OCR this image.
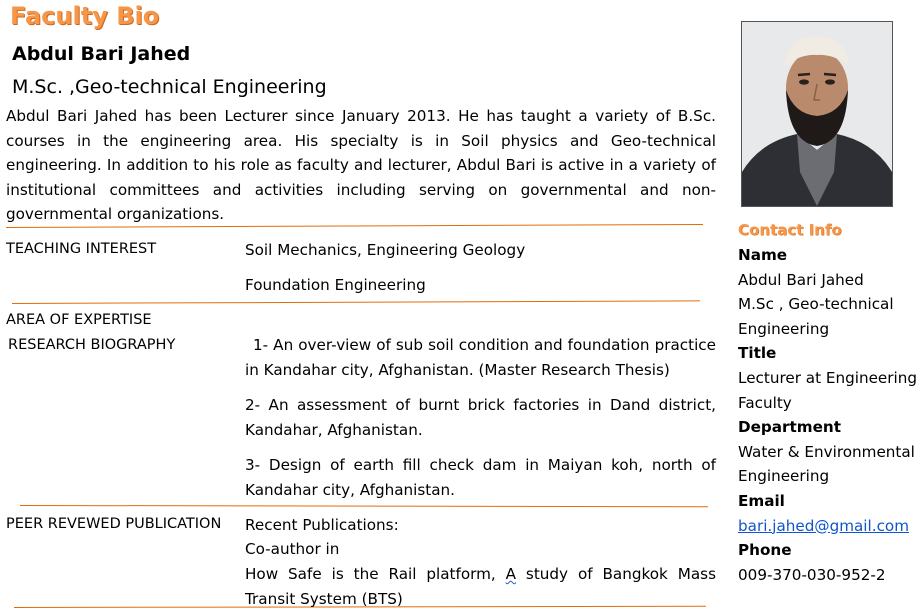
Faculty Bio
Abdul Bari Jahed
M.Sc. ,Geo-technical Engineering
Abdul Bari Jahed has been Lecturer since January 2013. He has taught a variety of B.Sc. courses in the engineering area. His specialty is in Soil physics and Geo-technical engineering. In addition to his role as faculty and lecturer, Abdul Bari is active in a variety of institutional committees and activities including serving on governmental and non-governmental organizations.
TEACHING INTEREST	Soil Mechanics, Engineering Geology
Foundation Engineering
AREA OF EXPERTISE
RESEARCH BIOGRAPHY	1- An over-view of sub soil condition and foundation practice in Kandahar city, Afghanistan. (Master Research Thesis)
2- An assessment of burnt brick factories in Dand district, Kandahar, Afghanistan.
3- Design of earth fill check dam in Maiyan koh, north of Kandahar city, Afghanistan.
PEER REVEWED PUBLICATION Recent Publications:
Co-author in
How Safe is the Rail platform, A study of Bangkok Mass Transit System (BTS)
Contact Info
Name
Abdul Bari Jahed
M.Sc , Geo-technical Engineering
Title
Lecturer at Engineering Faculty
Department
Water & Environmental Engineering
Email
bari.jahed@gmail.com
Phone
009-370-030-952-2
